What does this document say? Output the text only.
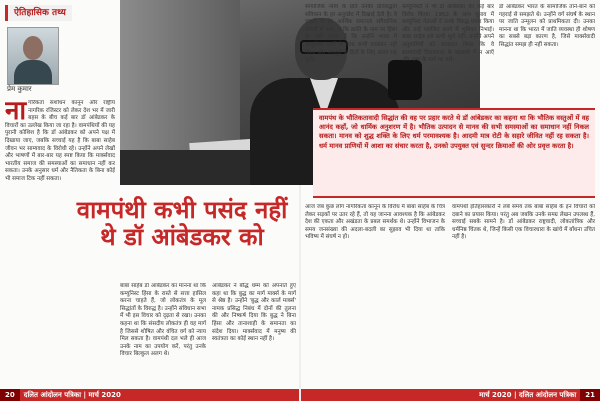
ऐतिहासिक तथ्य
प्रेम कुमार
ना गरिकता संशोधन कानून और राष्ट्रीय नागरिक रजिस्टर को लेकर देश भर में जारी बहस के बीच कई बार डॉ आंबेडकर के विचारों का उल्लेख किया जा रहा है। वामपंथियों की यह पुरानी कोशिश है कि डॉ आंबेडकर को अपने पक्ष में दिखाया जाए, जबकि सच्चाई यह है कि बाबा साहेब जीवन भर साम्यवाद के विरोधी रहे। उन्होंने अपने लेखों और भाषणों में बार-बार यह स्पष्ट किया कि मार्क्सवाद भारतीय समाज की समस्याओं का समाधान नहीं कर सकता। उनके अनुसार धर्म और नैतिकता के बिना कोई भी समाज टिक नहीं सकता।
वामपंथी कभी पसंद नहीं थे डॉ आंबेडकर को
बाबा साहेब डॉ आंबेडकर का मानना था कि कम्युनिस्ट हिंसा के रास्ते से सत्ता हासिल करना चाहते हैं, जो लोकतंत्र के मूल सिद्धांतों के विरुद्ध है। उन्होंने संविधान सभा में भी इस विचार को दृढ़ता से रखा। उनका कहना था कि संसदीय लोकतंत्र ही वह मार्ग है जिससे शोषित और वंचित वर्ग को न्याय मिल सकता है। वामपंथी दल भले ही आज उनके नाम का उपयोग करें, परंतु उनके विचार बिल्कुल अलग थे।
आंबेडकर ने बौद्ध धम्म को अपनाते हुए कहा था कि बुद्ध का मार्ग मार्क्स के मार्ग से श्रेष्ठ है। उन्होंने 'बुद्ध और कार्ल मार्क्स' नामक प्रसिद्ध निबंध में दोनों की तुलना की और निष्कर्ष दिया कि बुद्ध ने बिना हिंसा और तानाशाही के समानता का संदेश दिया। मार्क्सवाद में मनुष्य की स्वतंत्रता का कोई स्थान नहीं है।
सामाजिक न्याय के प्रति उनकी प्रतिबद्धता संविधान के हर अनुच्छेद में दिखाई देती है। वे चाहते थे कि आर्थिक समानता संवैधानिक उपायों से आए, न कि क्रांति के नाम पर हिंसा से। यही कारण है कि उन्होंने भारत में कम्युनिस्ट पार्टी के साथ कभी गठबंधन नहीं किया और मजदूरों के हितों के लिए अलग राह चुनी।
कम्युनिस्टों ने भी डॉ आंबेडकर का कई बार विरोध किया। 1952 के आम चुनाव में कम्युनिस्ट नेताओं ने उनके विरुद्ध प्रचार किया और उन्हें पराजित करने में भूमिका निभाई। बाबा साहेब इसे कभी भूले नहीं। उन्होंने अपने अनुयायियों को सावधान किया कि वे साम्यवादी विचारधारा के बहकावे में न आएँ और धम्म के मार्ग पर चलें।
डॉ आंबेडकर भारत के सामाजिक ताने-बाने को गहराई से समझते थे। उन्होंने वर्ग संघर्ष के स्थान पर जाति उन्मूलन को प्राथमिकता दी। उनका मानना था कि भारत में जाति व्यवस्था ही शोषण का सबसे बड़ा कारण है, जिसे मार्क्सवादी सिद्धांत समझ ही नहीं सकता।
वामपंथ के भौतिकतावादी सिद्धांत की वह पर प्रहार करते थे डॉ आंबेडकर का कहना था कि भौतिक वस्तुओं में वह आनंद कहाँ, जो धार्मिक अनुशरण में है। भौतिक उत्पादन से मानव की सभी समस्याओं का समाधान नहीं निकल सकता। मानव को शुद्ध शक्ति के लिए धर्म परमावश्यक है। आदमी मात्र रोटी के सहारे जीवित नहीं रह सकता है। धर्म मानव प्राणियों में आशा का संचार करता है, उनको उपयुक्त एवं सुन्दर क्रियाओं की ओर प्रवृत्त करता है।
आज जब कुछ लोग नागरिकता कानून के विरोध में बाबा साहेब के चित्र लेकर सड़कों पर उतर रहे हैं, तो यह जानना आवश्यक है कि आंबेडकर देश की एकता और अखंडता के प्रबल समर्थक थे। उन्होंने विभाजन के समय जनसंख्या की अदला-बदली का सुझाव भी दिया था ताकि भविष्य में संघर्ष न हो।
वामपंथी इतिहासकारों ने लंबे समय तक बाबा साहेब के इन विचारों को दबाने का प्रयास किया। परंतु अब जबकि उनके समग्र लेखन उपलब्ध हैं, सच्चाई सबके सामने है। डॉ आंबेडकर राष्ट्रवादी, लोकतांत्रिक और धर्मनिष्ठ चिंतक थे, जिन्हें किसी एक विचारधारा के खांचे में बाँधना उचित नहीं है।
20 दलित आंदोलन पत्रिका | मार्च 2020	मार्च 2020 | दलित आंदोलन पत्रिका 21
